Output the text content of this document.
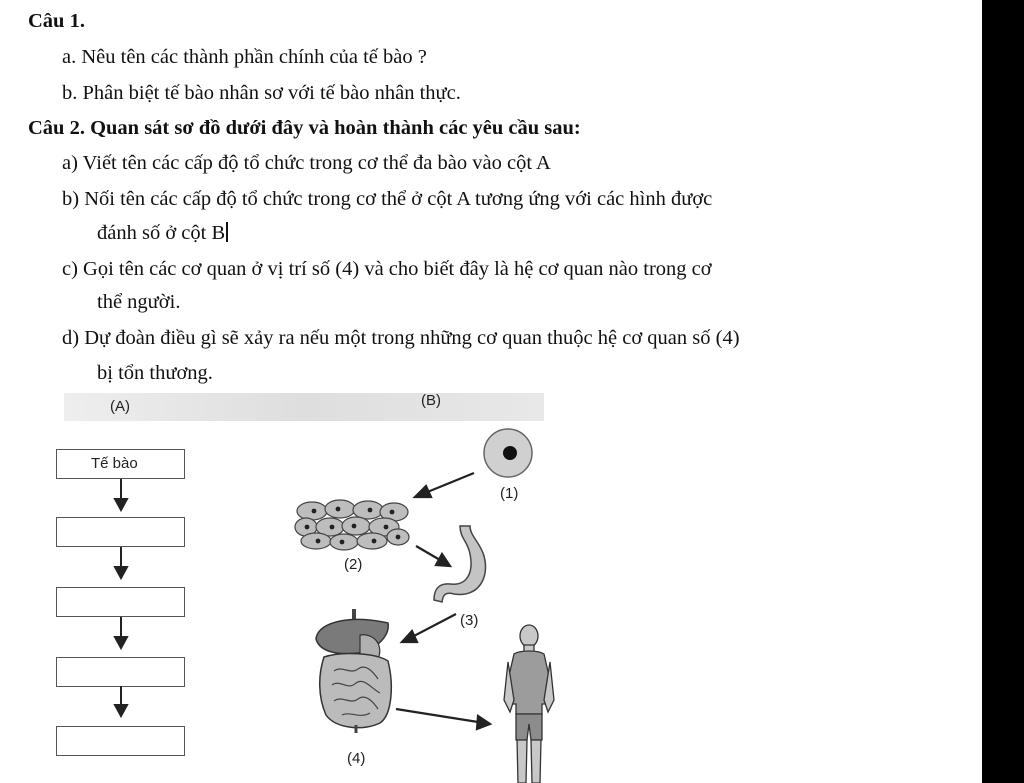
Câu 1.
a. Nêu tên các thành phần chính của tế bào ?
b. Phân biệt tế bào nhân sơ với tế bào nhân thực.
Câu 2. Quan sát sơ đồ dưới đây và hoàn thành các yêu cầu sau:
a) Viết tên các cấp độ tổ chức trong cơ thể đa bào vào cột A
b) Nối tên các cấp độ tổ chức trong cơ thể ở cột A tương ứng với các hình được
đánh số ở cột B
c) Gọi tên các cơ quan ở vị trí số (4) và cho biết đây là hệ cơ quan nào trong cơ
thể người.
d) Dự đoàn điều gì sẽ xảy ra nếu một trong những cơ quan thuộc hệ cơ quan số (4)
bị tổn thương.
(A)	(B)
Tế bào
(1)
(2)
(3)
(4)
